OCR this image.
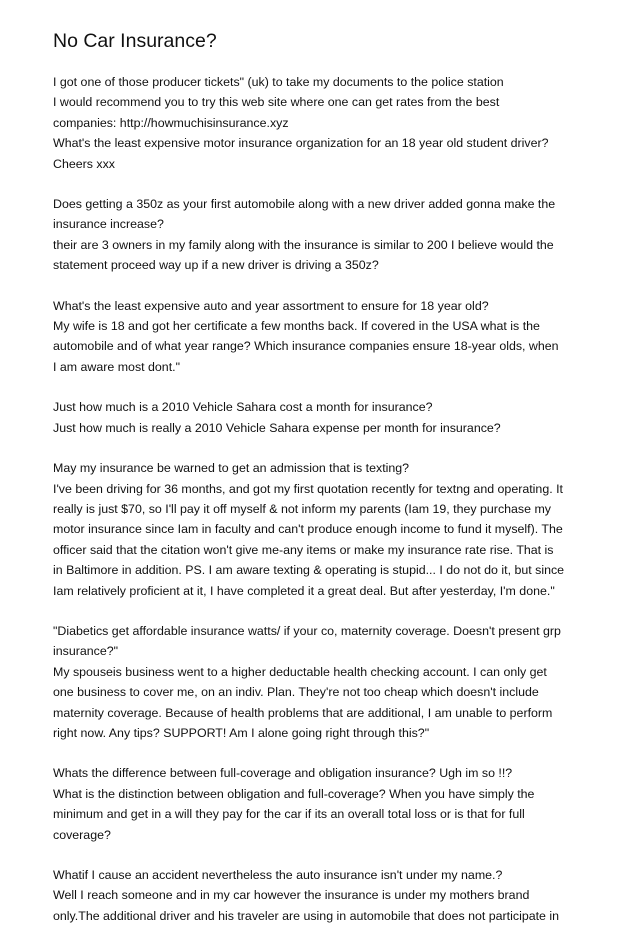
No Car Insurance?

I got one of those producer tickets" (uk) to take my documents to the police station
I would recommend you to try this web site where one can get rates from the best
companies: http://howmuchisinsurance.xyz
What's the least expensive motor insurance organization for an 18 year old student driver?
Cheers xxx

Does getting a 350z as your first automobile along with a new driver added gonna make the
insurance increase?
their are 3 owners in my family along with the insurance is similar to 200 I believe would the
statement proceed way up if a new driver is driving a 350z?

What's the least expensive auto and year assortment to ensure for 18 year old?
My wife is 18 and got her certificate a few months back. If covered in the USA what is the
automobile and of what year range? Which insurance companies ensure 18-year olds, when
I am aware most dont."

Just how much is a 2010 Vehicle Sahara cost a month for insurance?
Just how much is really a 2010 Vehicle Sahara expense per month for insurance?

May my insurance be warned to get an admission that is texting?
I've been driving for 36 months, and got my first quotation recently for textng and operating. It
really is just $70, so I'll pay it off myself & not inform my parents (Iam 19, they purchase my
motor insurance since Iam in faculty and can't produce enough income to fund it myself). The
officer said that the citation won't give me-any items or make my insurance rate rise. That is
in Baltimore in addition. PS. I am aware texting & operating is stupid... I do not do it, but since
Iam relatively proficient at it, I have completed it a great deal. But after yesterday, I'm done."

"Diabetics get affordable insurance watts/ if your co, maternity coverage. Doesn't present grp
insurance?"
My spouseis business went to a higher deductable health checking account. I can only get
one business to cover me, on an indiv. Plan. They're not too cheap which doesn't include
maternity coverage. Because of health problems that are additional, I am unable to perform
right now. Any tips? SUPPORT! Am I alone going right through this?"

Whats the difference between full-coverage and obligation insurance? Ugh im so !!?
What is the distinction between obligation and full-coverage? When you have simply the
minimum and get in a will they pay for the car if its an overall total loss or is that for full
coverage?

Whatif I cause an accident nevertheless the auto insurance isn't under my name.?
Well I reach someone and in my car however the insurance is under my mothers brand
only.The additional driver and his traveler are using in automobile that does not participate in
